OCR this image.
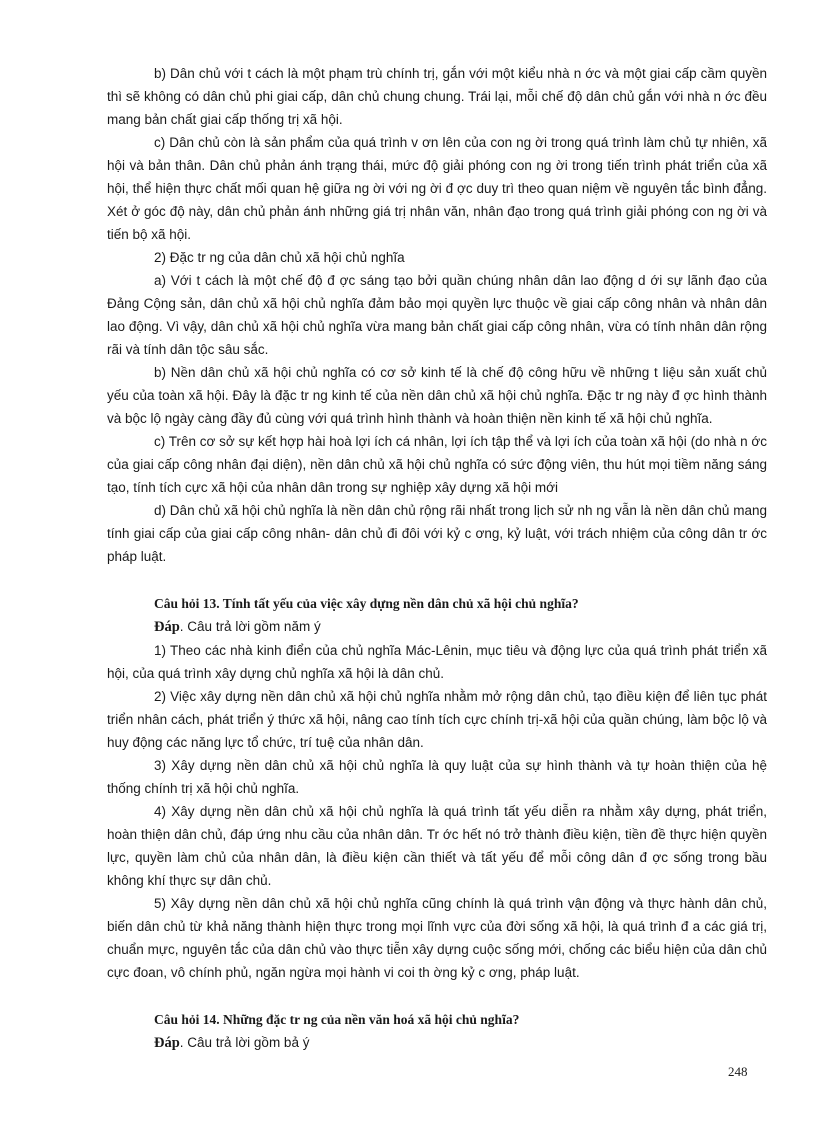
b) Dân chủ với t cách là một phạm trù chính trị, gắn với một kiểu nhà n ớc và một giai cấp cầm quyền thì sẽ không có dân chủ phi giai cấp, dân chủ chung chung. Trái lại, mỗi chế độ dân chủ gắn với nhà n ớc đều mang bản chất giai cấp thống trị xã hội.

c) Dân chủ còn là sản phẩm của quá trình v ơn lên của con ng ời trong quá trình làm chủ tự nhiên, xã hội và bản thân. Dân chủ phản ánh trạng thái, mức độ giải phóng con ng ời trong tiến trình phát triển của xã hội, thể hiện thực chất mối quan hệ giữa ng ời với ng ời đ ợc duy trì theo quan niệm về nguyên tắc bình đẳng. Xét ở góc độ này, dân chủ phản ánh những giá trị nhân văn, nhân đạo trong quá trình giải phóng con ng ời và tiến bộ xã hội.

2) Đặc tr ng của dân chủ xã hội chủ nghĩa

a) Với t cách là một chế độ đ ợc sáng tạo bởi quần chúng nhân dân lao động d ới sự lãnh đạo của Đảng Cộng sản, dân chủ xã hội chủ nghĩa đảm bảo mọi quyền lực thuộc về giai cấp công nhân và nhân dân lao động. Vì vậy, dân chủ xã hội chủ nghĩa vừa mang bản chất giai cấp công nhân, vừa có tính nhân dân rộng rãi và tính dân tộc sâu sắc.

b) Nền dân chủ xã hội chủ nghĩa có cơ sở kinh tế là chế độ công hữu về những t liệu sản xuất chủ yếu của toàn xã hội. Đây là đặc tr ng kinh tế của nền dân chủ xã hội chủ nghĩa. Đặc tr ng này đ ợc hình thành và bộc lộ ngày càng đầy đủ cùng với quá trình hình thành và hoàn thiện nền kinh tế xã hội chủ nghĩa.

c) Trên cơ sở sự kết hợp hài hoà lợi ích cá nhân, lợi ích tập thể và lợi ích của toàn xã hội (do nhà n ớc của giai cấp công nhân đại diện), nền dân chủ xã hội chủ nghĩa có sức động viên, thu hút mọi tiềm năng sáng tạo, tính tích cực xã hội của nhân dân trong sự nghiệp xây dựng xã hội mới

d) Dân chủ xã hội chủ nghĩa là nền dân chủ rộng rãi nhất trong lịch sử nh ng vẫn là nền dân chủ mang tính giai cấp của giai cấp công nhân- dân chủ đi đôi với kỷ c ơng, kỷ luật, với trách nhiệm của công dân tr ớc pháp luật.

Câu hỏi 13. Tính tất yếu của việc xây dựng nền dân chủ xã hội chủ nghĩa?

Đáp. Câu trả lời gồm năm ý

1) Theo các nhà kinh điển của chủ nghĩa Mác-Lênin, mục tiêu và động lực của quá trình phát triển xã hội, của quá trình xây dựng chủ nghĩa xã hội là dân chủ.

2) Việc xây dựng nền dân chủ xã hội chủ nghĩa nhằm mở rộng dân chủ, tạo điều kiện để liên tục phát triển nhân cách, phát triển ý thức xã hội, nâng cao tính tích cực chính trị-xã hội của quần chúng, làm bộc lộ và huy động các năng lực tổ chức, trí tuệ của nhân dân.

3) Xây dựng nền dân chủ xã hội chủ nghĩa là quy luật của sự hình thành và tự hoàn thiện của hệ thống chính trị xã hội chủ nghĩa.

4) Xây dựng nền dân chủ xã hội chủ nghĩa là quá trình tất yếu diễn ra nhằm xây dựng, phát triển, hoàn thiện dân chủ, đáp ứng nhu cầu của nhân dân. Tr ớc hết nó trở thành điều kiện, tiền đề thực hiện quyền lực, quyền làm chủ của nhân dân, là điều kiện cần thiết và tất yếu để mỗi công dân đ ợc sống trong bầu không khí thực sự dân chủ.

5) Xây dựng nền dân chủ xã hội chủ nghĩa cũng chính là quá trình vận động và thực hành dân chủ, biến dân chủ từ khả năng thành hiện thực trong mọi lĩnh vực của đời sống xã hội, là quá trình đ a các giá trị, chuẩn mực, nguyên tắc của dân chủ vào thực tiễn xây dựng cuộc sống mới, chống các biểu hiện của dân chủ cực đoan, vô chính phủ, ngăn ngừa mọi hành vi coi th ờng kỷ c ơng, pháp luật.

Câu hỏi 14. Những đặc tr ng của nền văn hoá xã hội chủ nghĩa?

Đáp. Câu trả lời gồm bả ý

248
